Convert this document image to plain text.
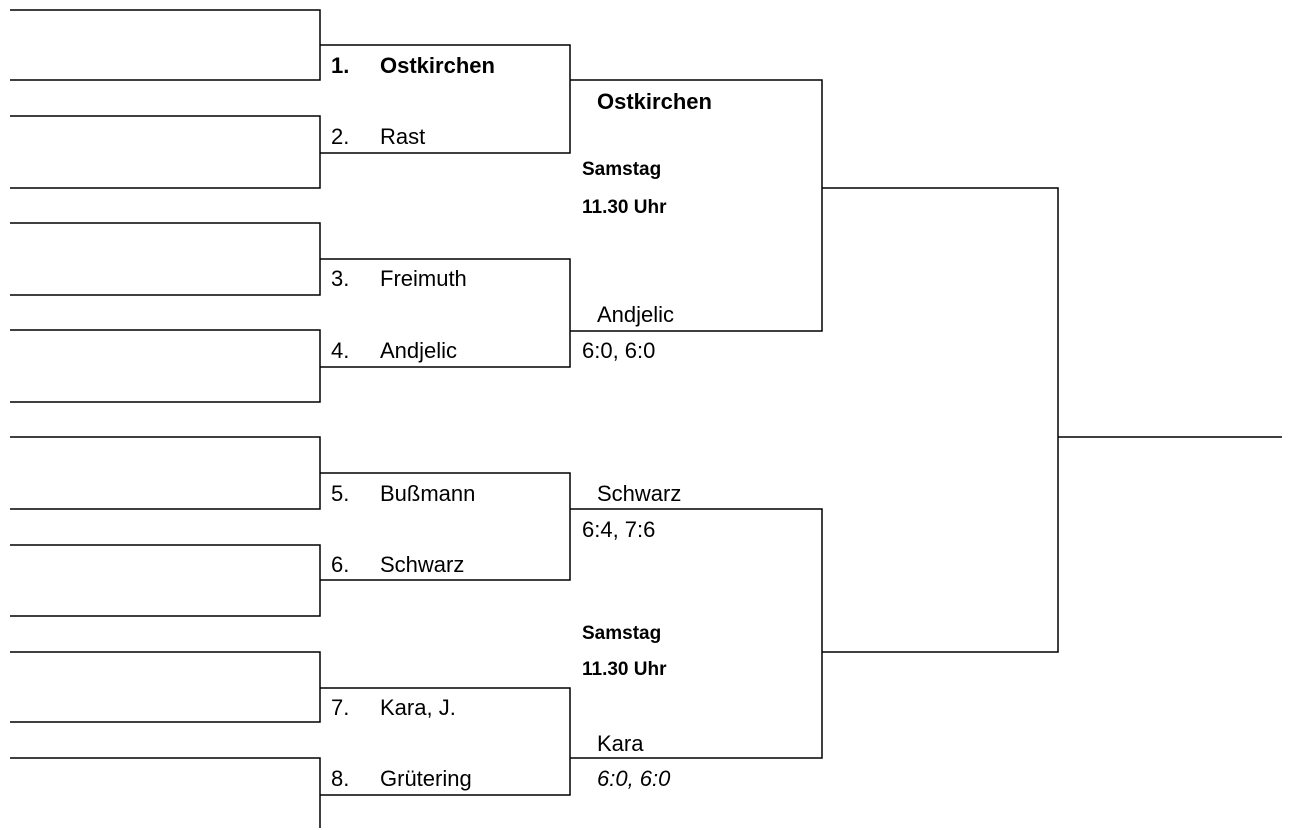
1. Ostkirchen
2. Rast
3. Freimuth
4. Andjelic
5. Bußmann
6. Schwarz
7. Kara, J.
8. Grütering
Ostkirchen
Andjelic
6:0, 6:0
Schwarz
6:4, 7:6
Kara
6:0, 6:0
Samstag
11.30 Uhr
Samstag
11.30 Uhr
